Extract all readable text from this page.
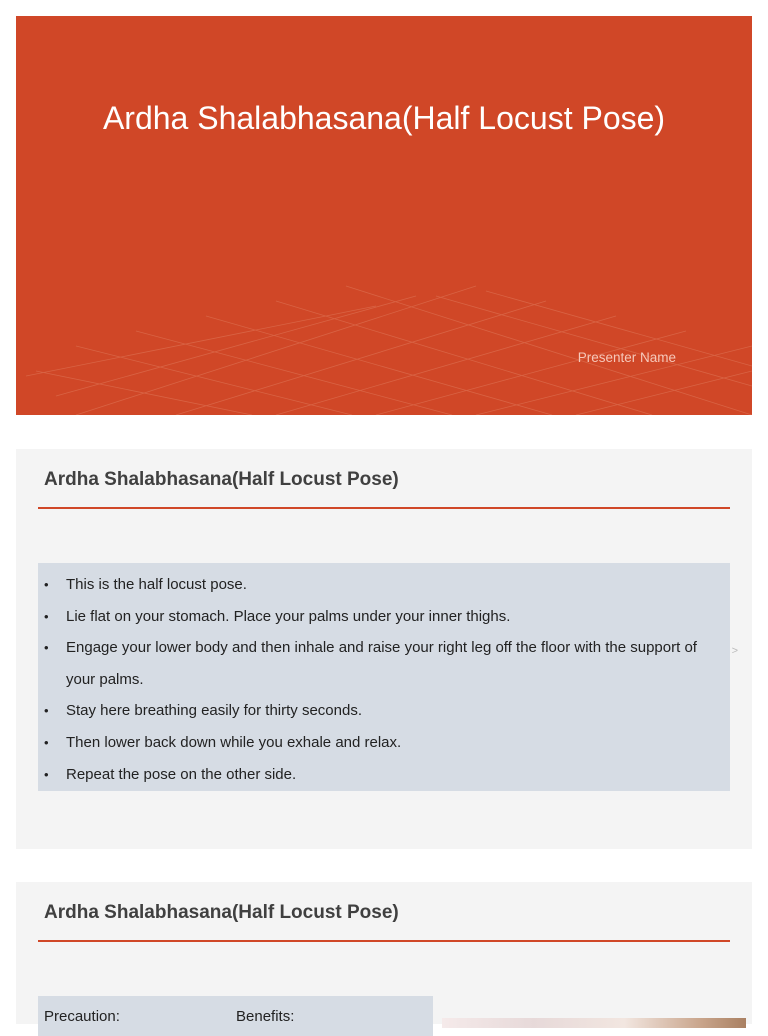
Ardha Shalabhasana(Half Locust Pose)
Presenter Name
Ardha Shalabhasana(Half Locust Pose)
• This is the half locust pose.
• Lie flat on your stomach. Place your palms under your inner thighs.
• Engage your lower body and then inhale and raise your right leg off the floor with the support of your palms.
• Stay here breathing easily for thirty seconds.
• Then lower back down while you exhale and relax.
• Repeat the pose on the other side.
>
Ardha Shalabhasana(Half Locust Pose)
Precaution:	Benefits:
